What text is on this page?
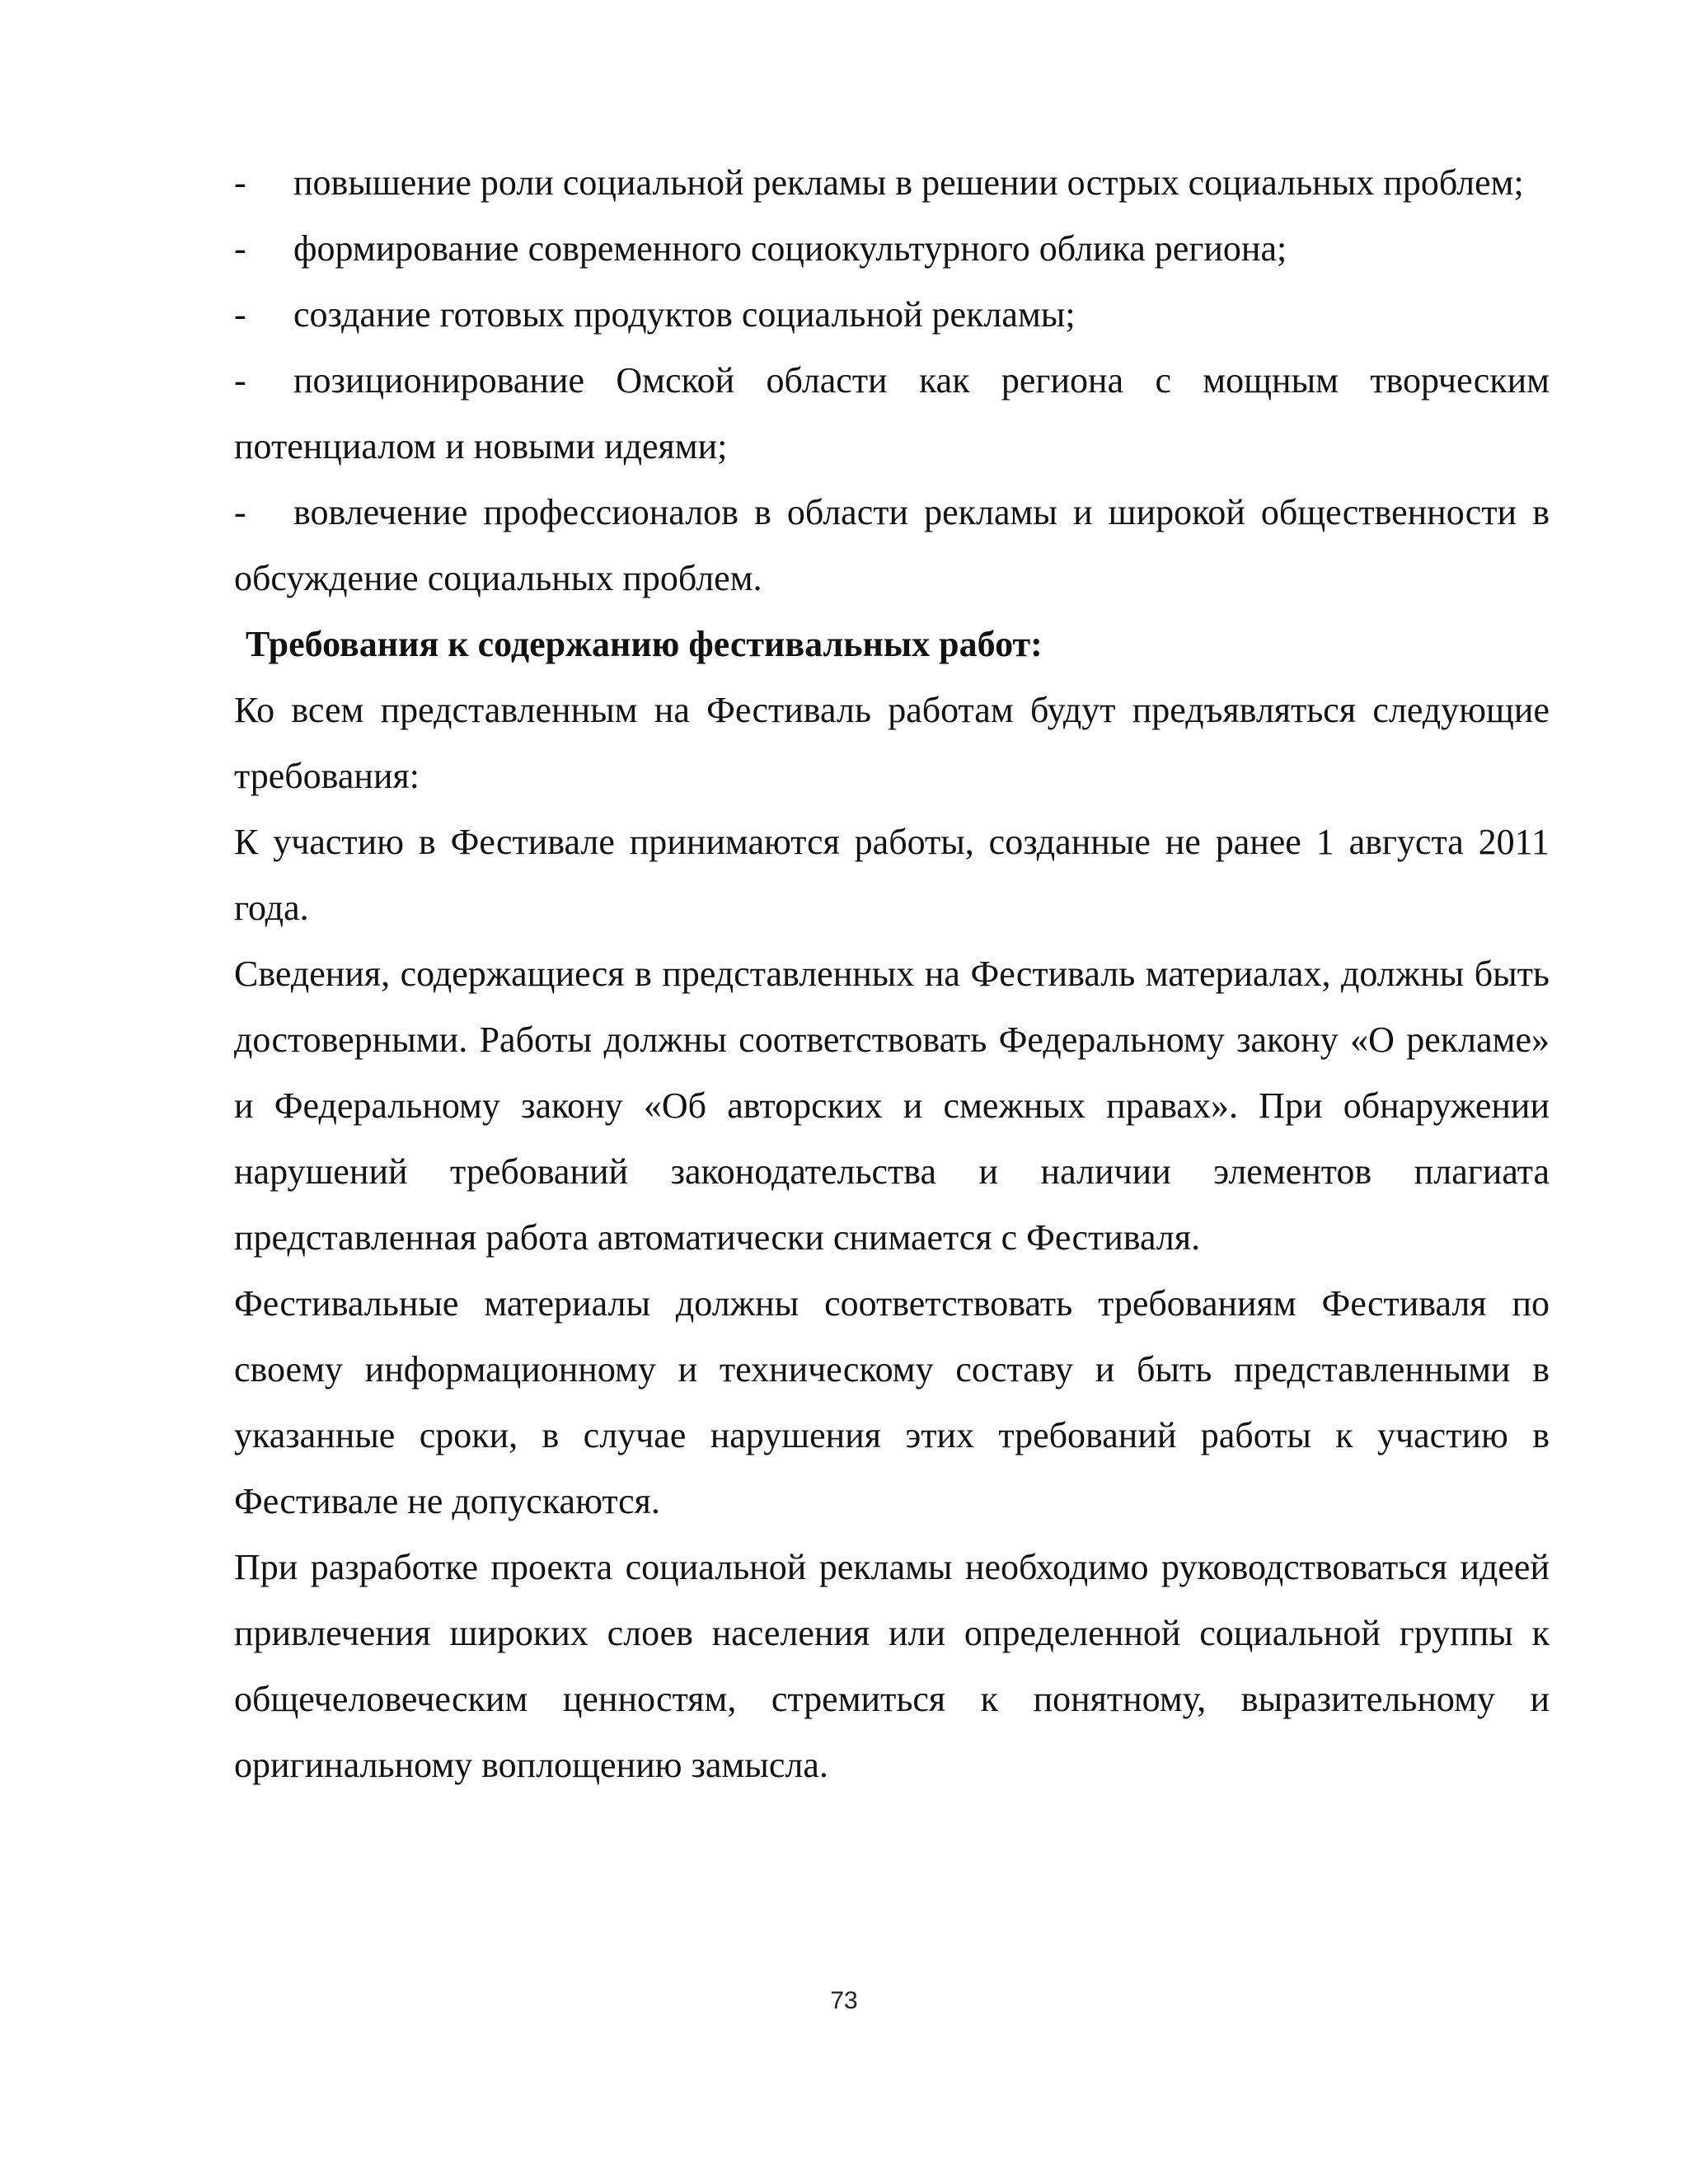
- повышение роли социальной рекламы в решении острых социальных проблем;

- формирование современного социокультурного облика региона;

- создание готовых продуктов социальной рекламы;

- позиционирование Омской области как региона с мощным творческим потенциалом и новыми идеями;

- вовлечение профессионалов в области рекламы и широкой общественности в обсуждение социальных проблем.

Требования к содержанию фестивальных работ:

Ко всем представленным на Фестиваль работам будут предъявляться следующие требования:

К участию в Фестивале принимаются работы, созданные не ранее 1 августа 2011 года.

Сведения, содержащиеся в представленных на Фестиваль материалах, должны быть достоверными. Работы должны соответствовать Федеральному закону «О рекламе» и Федеральному закону «Об авторских и смежных правах». При обнаружении нарушений требований законодательства и наличии элементов плагиата представленная работа автоматически снимается с Фестиваля.

Фестивальные материалы должны соответствовать требованиям Фестиваля по своему информационному и техническому составу и быть представленными в указанные сроки, в случае нарушения этих требований работы к участию в Фестивале не допускаются.

При разработке проекта социальной рекламы необходимо руководствоваться идеей привлечения широких слоев населения или определенной социальной группы к общечеловеческим ценностям, стремиться к понятному, выразительному и оригинальному воплощению замысла.

73
